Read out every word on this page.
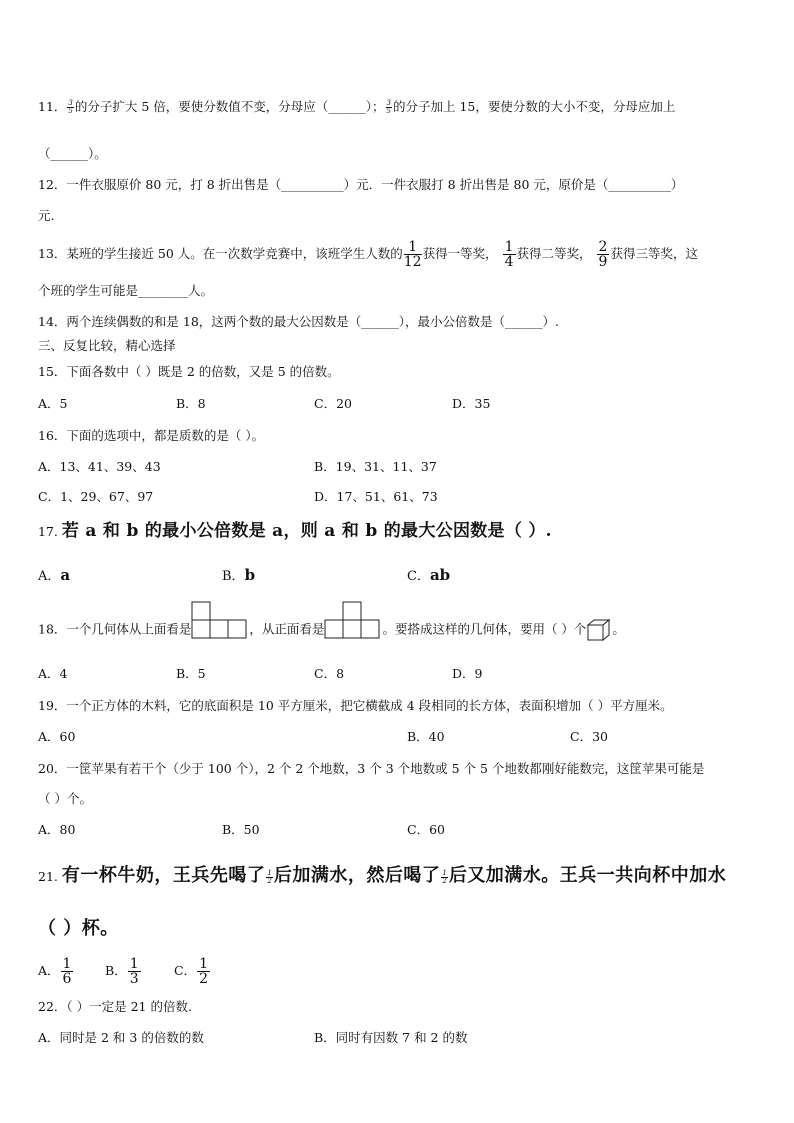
11． $\frac{3}{5}$ 的分子扩大 5 倍，要使分数值不变，分母应（______）； $\frac{3}{5}$ 的分子加上 15，要使分数的大小不变，分母应加上
（______）。
12．一件衣服原价 80 元，打 8 折出售是（__________）元．一件衣服打 8 折出售是 80 元，原价是（__________）
元.
13．某班的学生接近 50 人。在一次数学竞赛中，该班学生人数的 $\frac{1}{12}$ 获得一等奖， $\frac{1}{4}$ 获得二等奖， $\frac{2}{9}$ 获得三等奖，这
个班的学生可能是________人。
14．两个连续偶数的和是 18，这两个数的最大公因数是（______），最小公倍数是（______）.
三、反复比较，精心选择
15．下面各数中（ ）既是 2 的倍数，又是 5 的倍数。
A．5	B．8	C．20	D．35
16．下面的选项中，都是质数的是（ ）。
A．13、41、39、43	B．19、31、11、37
C．1、29、67、97	D．17、51、61、73
17. 若 a 和 b 的最小公倍数是 a，则 a 和 b 的最大公因数是（ ）.
A．a	B．b	C．ab
18．一个几何体从上面看是	，从正面看是	。要搭成这样的几何体，要用（ ）个 。
A．4	B．5	C．8	D．9
19．一个正方体的木料，它的底面积是 10 平方厘米，把它横截成 4 段相同的长方体，表面积增加（ ）平方厘米。
A．60	B．40	C．30
20．一筐苹果有若干个（少于 100 个），2 个 2 个地数，3 个 3 个地数或 5 个 5 个地数都刚好能数完，这筐苹果可能是
（ ）个。
A．80	B．50	C．60
21. 有一杯牛奶，王兵先喝了 $\frac{1}{2}$ 后加满水，然后喝了 $\frac{1}{2}$ 后又加满水。王兵一共向杯中加水
（ ）杯。
A． $\frac{1}{6}$	B． $\frac{1}{3}$	C． $\frac{1}{2}$
22．（ ）一定是 21 的倍数.
A．同时是 2 和 3 的倍数的数	B．同时有因数 7 和 2 的数
